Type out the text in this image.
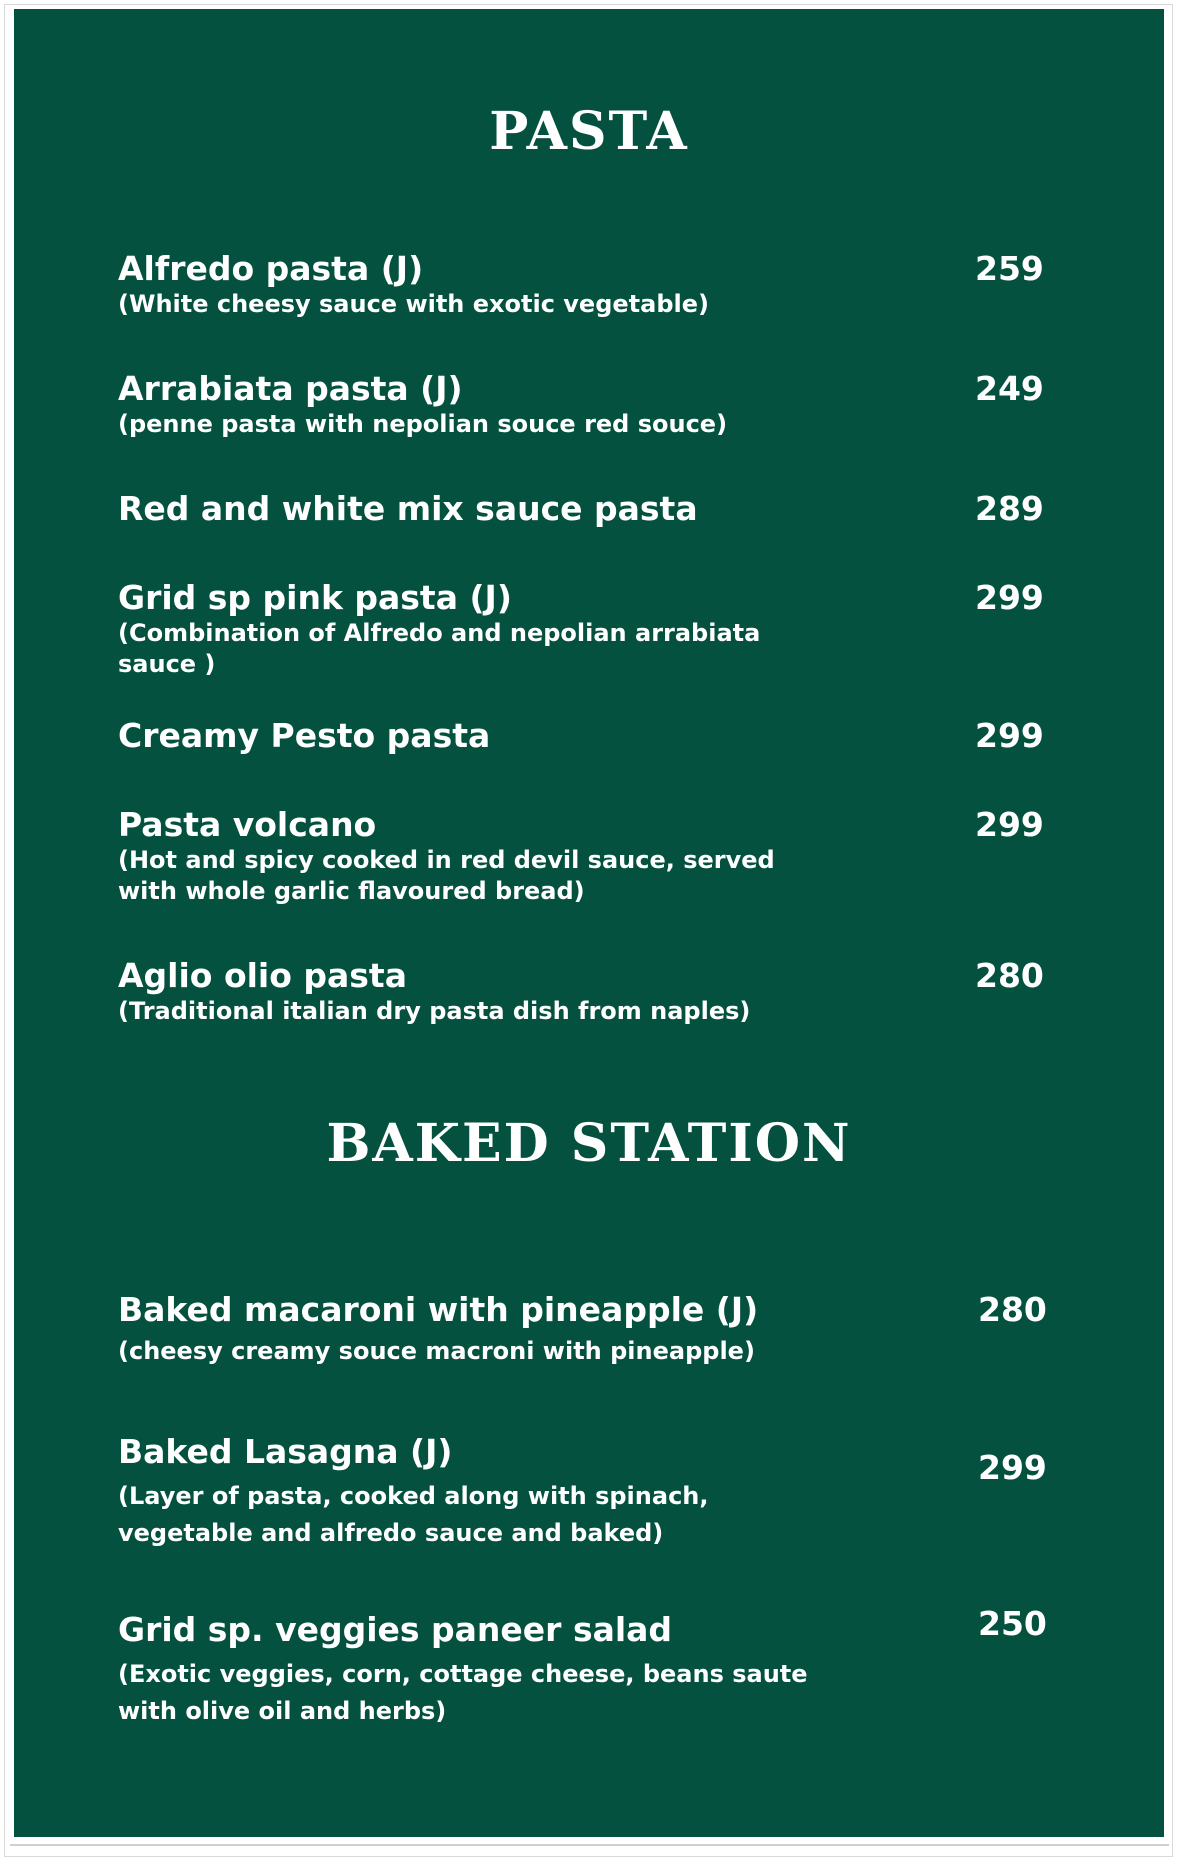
PASTA
Alfredo pasta (J)
(White cheesy sauce with exotic vegetable)
259
Arrabiata pasta (J)
(penne pasta with nepolian souce red souce)
249
Red and white mix sauce pasta	289
Grid sp pink pasta (J)
(Combination of Alfredo and nepolian arrabiata sauce )
299
Creamy Pesto pasta	299
Pasta volcano
(Hot and spicy cooked in red devil sauce, served with whole garlic flavoured bread)
299
Aglio olio pasta
(Traditional italian dry pasta dish from naples)
280
BAKED STATION
Baked macaroni with pineapple (J)
(cheesy creamy souce macroni with pineapple)
280
Baked Lasagna (J)
(Layer of pasta, cooked along with spinach, vegetable and alfredo sauce and baked)
299
Grid sp. veggies paneer salad
(Exotic veggies, corn, cottage cheese, beans saute with olive oil and herbs)
250
